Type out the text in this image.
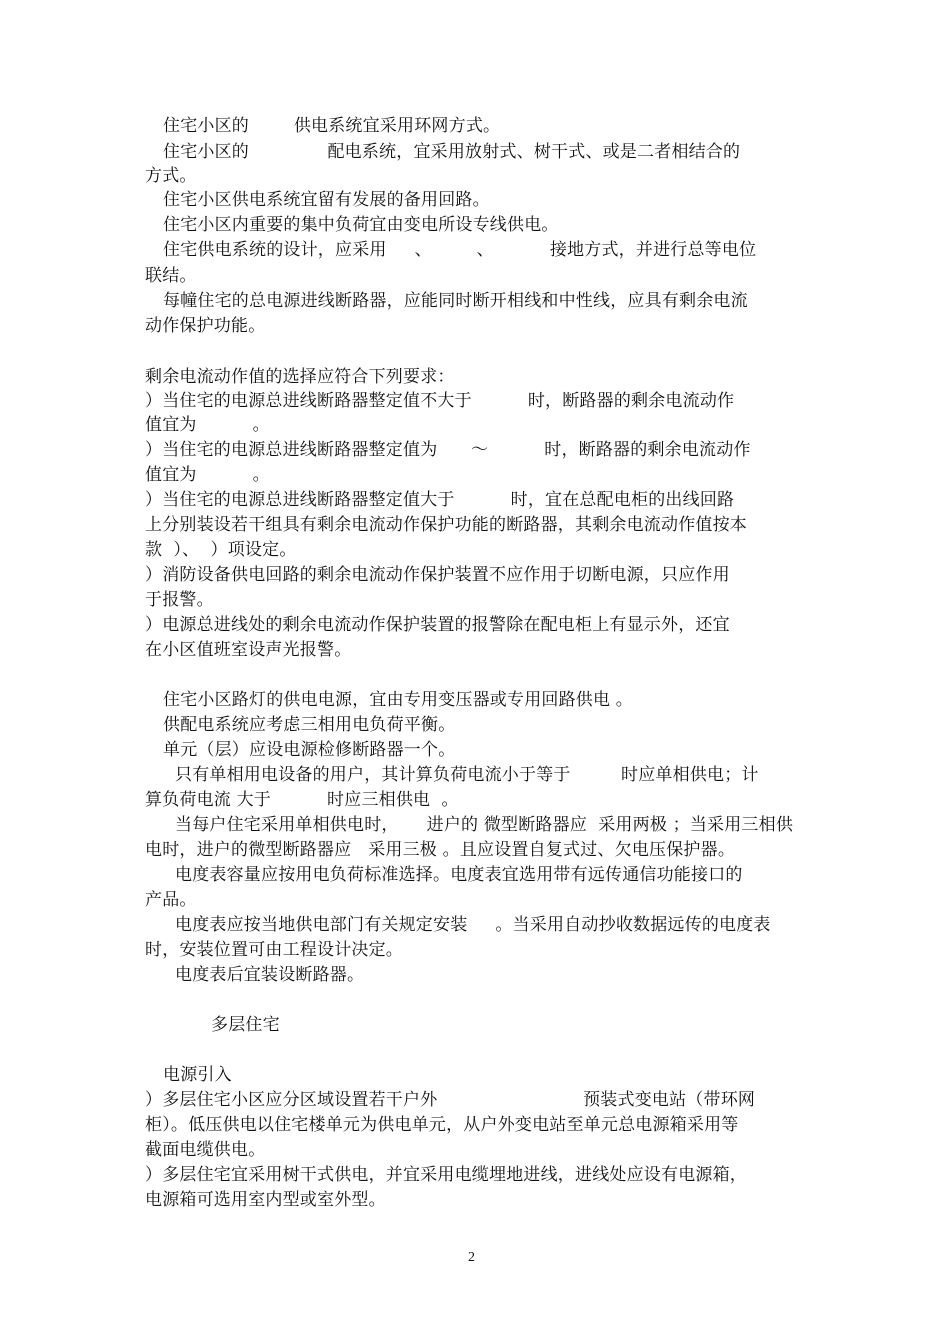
住宅小区的        供电系统宜采用环网方式。
住宅小区的              配电系统，宜采用放射式、树干式、或是二者相结合的
方式。
住宅小区供电系统宜留有发展的备用回路。
住宅小区内重要的集中负荷宜由变电所设专线供电。
住宅供电系统的设计，应采用     、        、          接地方式，并进行总等电位
联结。
每幢住宅的总电源进线断路器，应能同时断开相线和中性线，应具有剩余电流
动作保护功能。
剩余电流动作值的选择应符合下列要求：
）当住宅的电源总进线断路器整定值不大于          时，断路器的剩余电流动作
值宜为          。
）当住宅的电源总进线断路器整定值为      ～          时，断路器的剩余电流动作
值宜为          。
）当住宅的电源总进线断路器整定值大于          时，宜在总配电柜的出线回路
上分别装设若干组具有剩余电流动作保护功能的断路器，其剩余电流动作值按本
款  ）、  ）项设定。
）消防设备供电回路的剩余电流动作保护装置不应作用于切断电源，只应作用
于报警。
）电源总进线处的剩余电流动作保护装置的报警除在配电柜上有显示外，还宜
在小区值班室设声光报警。
住宅小区路灯的供电电源，宜由专用变压器或专用回路供电 。
供配电系统应考虑三相用电负荷平衡。
单元（层）应设电源检修断路器一个。
只有单相用电设备的用户，其计算负荷电流小于等于         时应单相供电；计
算负荷电流 大于          时应三相供电  。
当每户住宅采用单相供电时，     进户的 微型断路器应  采用两极 ；当采用三相供
电时，进户的微型断路器应   采用三极 。且应设置自复式过、欠电压保护器。
电度表容量应按用电负荷标准选择。电度表宜选用带有远传通信功能接口的
产品。
电度表应按当地供电部门有关规定安装     。当采用自动抄收数据远传的电度表
时，安装位置可由工程设计决定。
电度表后宜装设断路器。
多层住宅
电源引入
）多层住宅小区应分区域设置若干户外                          预装式变电站（带环网
柜）。低压供电以住宅楼单元为供电单元，从户外变电站至单元总电源箱采用等
截面电缆供电。
）多层住宅宜采用树干式供电，并宜采用电缆埋地进线，进线处应设有电源箱，
电源箱可选用室内型或室外型。
2
